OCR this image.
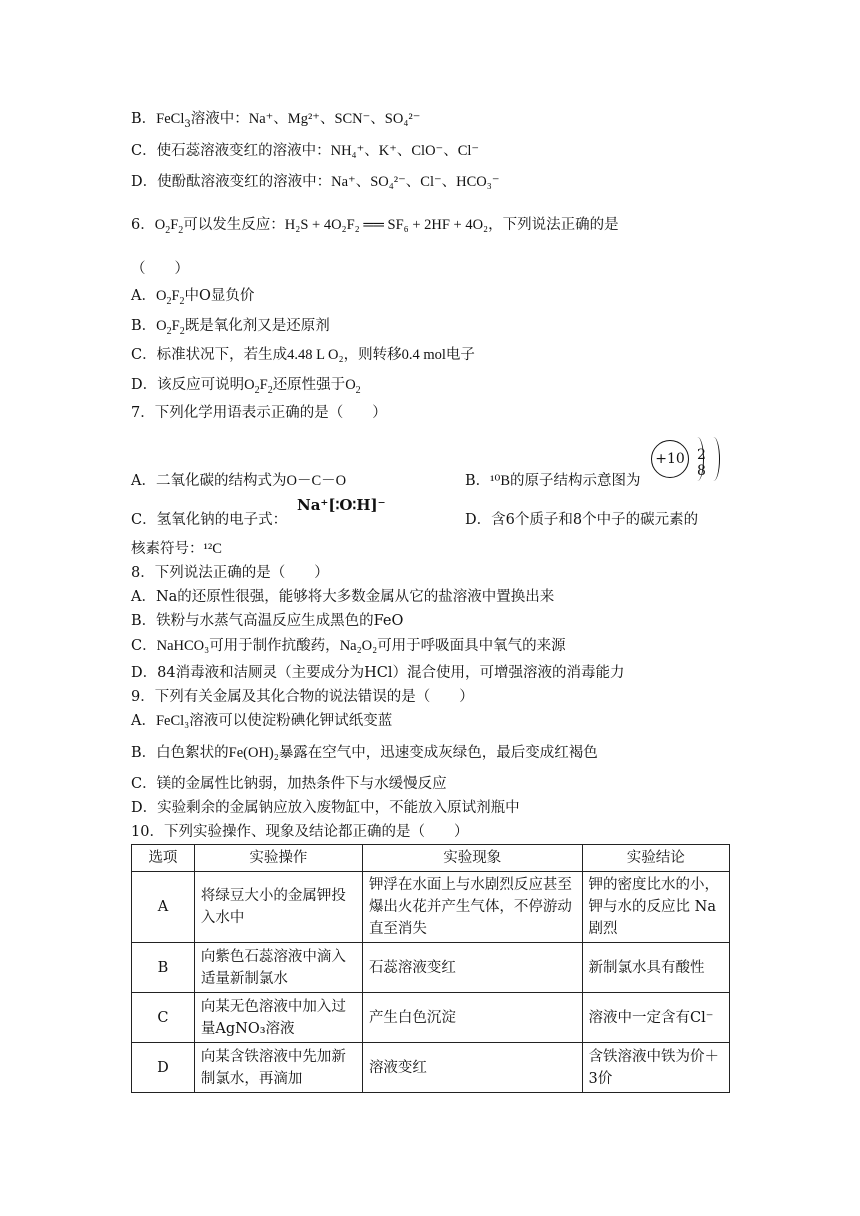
B．FeCl$_3$溶液中：Na⁺、Mg²⁺、SCN⁻、SO₄²⁻
C．使石蕊溶液变红的溶液中：NH₄⁺、K⁺、ClO⁻、Cl⁻
D．使酚酞溶液变红的溶液中：Na⁺、SO₄²⁻、Cl⁻、HCO₃⁻
6．$O_2F_2$可以发生反应：H₂S + 4O₂F₂ ══ SF₆ + 2HF + 4O₂，下列说法正确的是
（　　）
A．$O_2F_2$中O显负价
B．$O_2F_2$既是氧化剂又是还原剂
C．标准状况下，若生成4.48 L O₂，则转移0.4 mol电子
D．该反应可说明$O_2F_2$还原性强于$O_2$
7．下列化学用语表示正确的是（　　）
A．二氧化碳的结构式为O－C－O	B．¹⁰B的原子结构示意图为
+10 2 8
C．氢氧化钠的电子式：
Na⁺[∶O∶H]⁻
D．含6个质子和8个中子的碳元素的
核素符号：¹²C
8．下列说法正确的是（　　）
A．Na的还原性很强，能够将大多数金属从它的盐溶液中置换出来
B．铁粉与水蒸气高温反应生成黑色的FeO
C．NaHCO₃可用于制作抗酸药，Na₂O₂可用于呼吸面具中氧气的来源
D．84消毒液和洁厕灵（主要成分为HCl）混合使用，可增强溶液的消毒能力
9．下列有关金属及其化合物的说法错误的是（　　）
A．FeCl₃溶液可以使淀粉碘化钾试纸变蓝
B．白色絮状的Fe(OH)₂暴露在空气中，迅速变成灰绿色，最后变成红褐色
C．镁的金属性比钠弱，加热条件下与水缓慢反应
D．实验剩余的金属钠应放入废物缸中，不能放入原试剂瓶中
10．下列实验操作、现象及结论都正确的是（　　）
选项	实验操作	实验现象	实验结论
A	将绿豆大小的金属钾投入水中	钾浮在水面上与水剧烈反应甚至爆出火花并产生气体，不停游动直至消失	钾的密度比水的小，钾与水的反应比 Na 剧烈
B	向紫色石蕊溶液中滴入适量新制氯水	石蕊溶液变红	新制氯水具有酸性
C	向某无色溶液中加入过量AgNO₃溶液	产生白色沉淀	溶液中一定含有Cl⁻
D	向某含铁溶液中先加新制氯水，再滴加	溶液变红	含铁溶液中铁为价＋3价
